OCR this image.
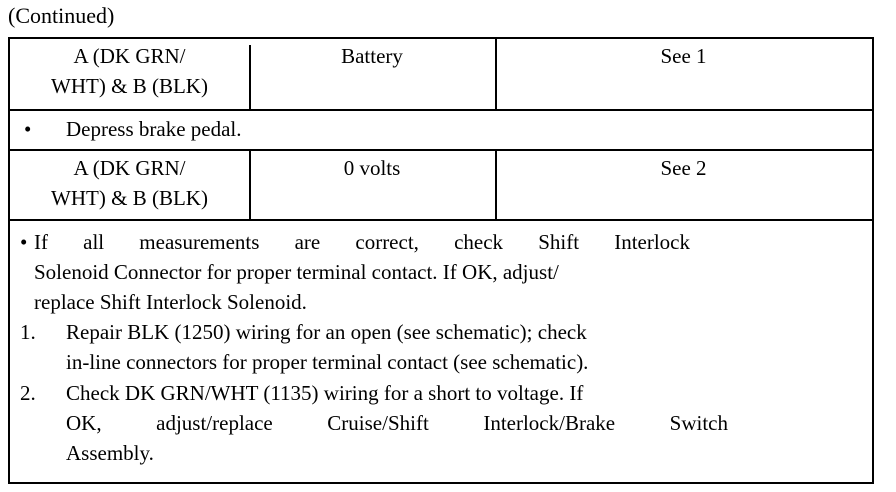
(Continued)
A (DK GRN/
WHT) & B (BLK)
Battery	See 1
• Depress brake pedal.
A (DK GRN/
WHT) & B (BLK)
0 volts	See 2
• If all measurements are correct, check Shift Interlock
Solenoid Connector for proper terminal contact. If OK, adjust/
replace Shift Interlock Solenoid.
1. Repair BLK (1250) wiring for an open (see schematic); check
in-line connectors for proper terminal contact (see schematic).
2. Check DK GRN/WHT (1135) wiring for a short to voltage. If
OK, adjust/replace Cruise/Shift Interlock/Brake Switch
Assembly.
